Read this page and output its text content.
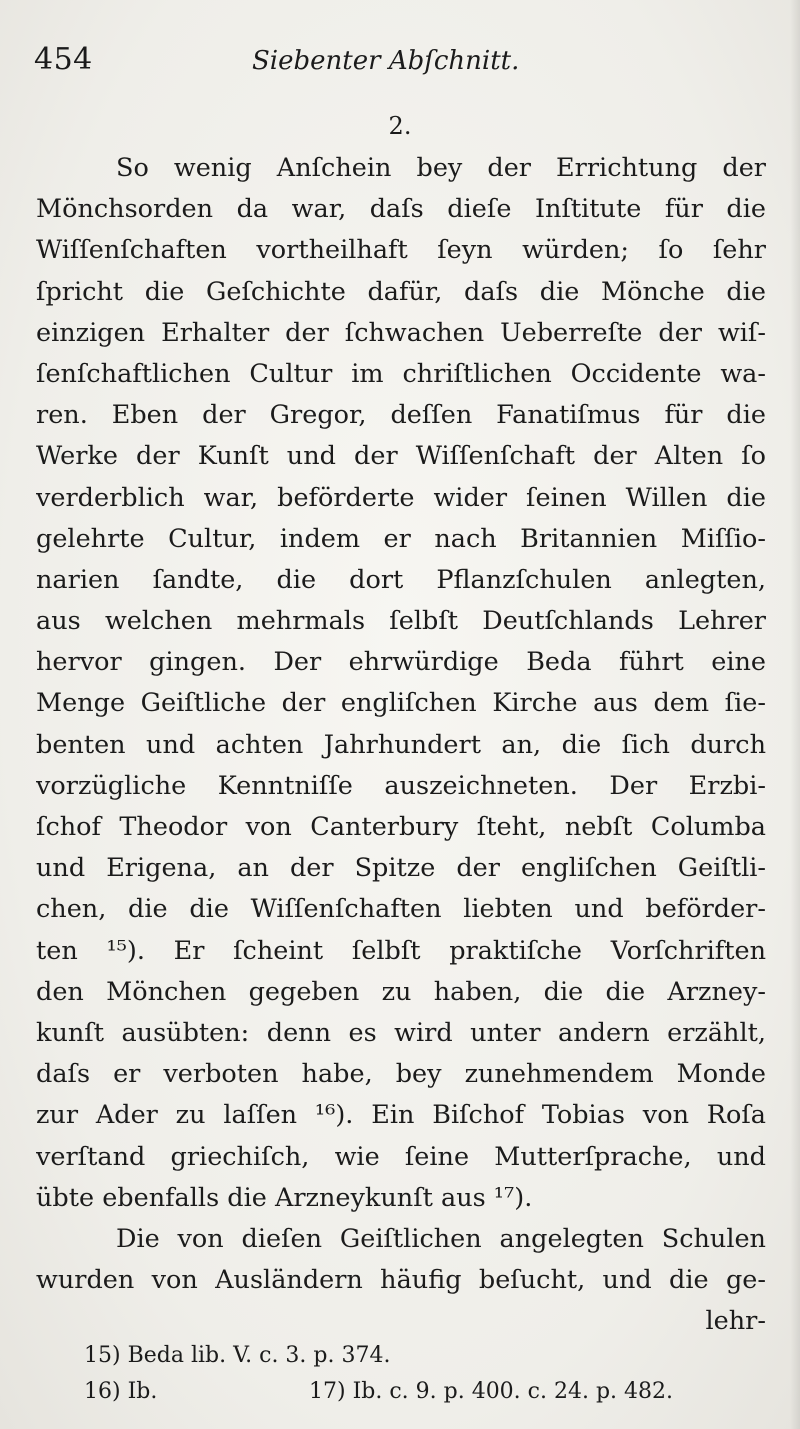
454	Siebenter Abſchnitt.
2.
So wenig Anſchein bey der Errichtung der
Mönchsorden da war, daſs dieſe Inſtitute für die
Wiſſenſchaften vortheilhaft ſeyn würden; ſo ſehr
ſpricht die Geſchichte dafür, daſs die Mönche die
einzigen Erhalter der ſchwachen Ueberreſte der wiſ-
ſenſchaftlichen Cultur im chriſtlichen Occidente wa-
ren. Eben der Gregor, deſſen Fanatiſmus für die
Werke der Kunſt und der Wiſſenſchaft der Alten ſo
verderblich war, beförderte wider ſeinen Willen die
gelehrte Cultur, indem er nach Britannien Miſſio-
narien ſandte, die dort Pflanzſchulen anlegten,
aus welchen mehrmals ſelbſt Deutſchlands Lehrer
hervor gingen. Der ehrwürdige Beda führt eine
Menge Geiſtliche der engliſchen Kirche aus dem ſie-
benten und achten Jahrhundert an, die ſich durch
vorzügliche Kenntniſſe auszeichneten. Der Erzbi-
ſchof Theodor von Canterbury ſteht, nebſt Columba
und Erigena, an der Spitze der engliſchen Geiſtli-
chen, die die Wiſſenſchaften liebten und beförder-
ten ¹⁵). Er ſcheint ſelbſt praktiſche Vorſchriften
den Mönchen gegeben zu haben, die die Arzney-
kunſt ausübten: denn es wird unter andern erzählt,
daſs er verboten habe, bey zunehmendem Monde
zur Ader zu laſſen ¹⁶). Ein Biſchof Tobias von Roſa
verſtand griechiſch, wie ſeine Mutterſprache, und
übte ebenfalls die Arzneykunſt aus ¹⁷).
Die von dieſen Geiſtlichen angelegten Schulen
wurden von Ausländern häufig beſucht, und die ge-
lehr-
15) Beda lib. V. c. 3. p. 374.
16) Ib.	17) Ib. c. 9. p. 400. c. 24. p. 482.
